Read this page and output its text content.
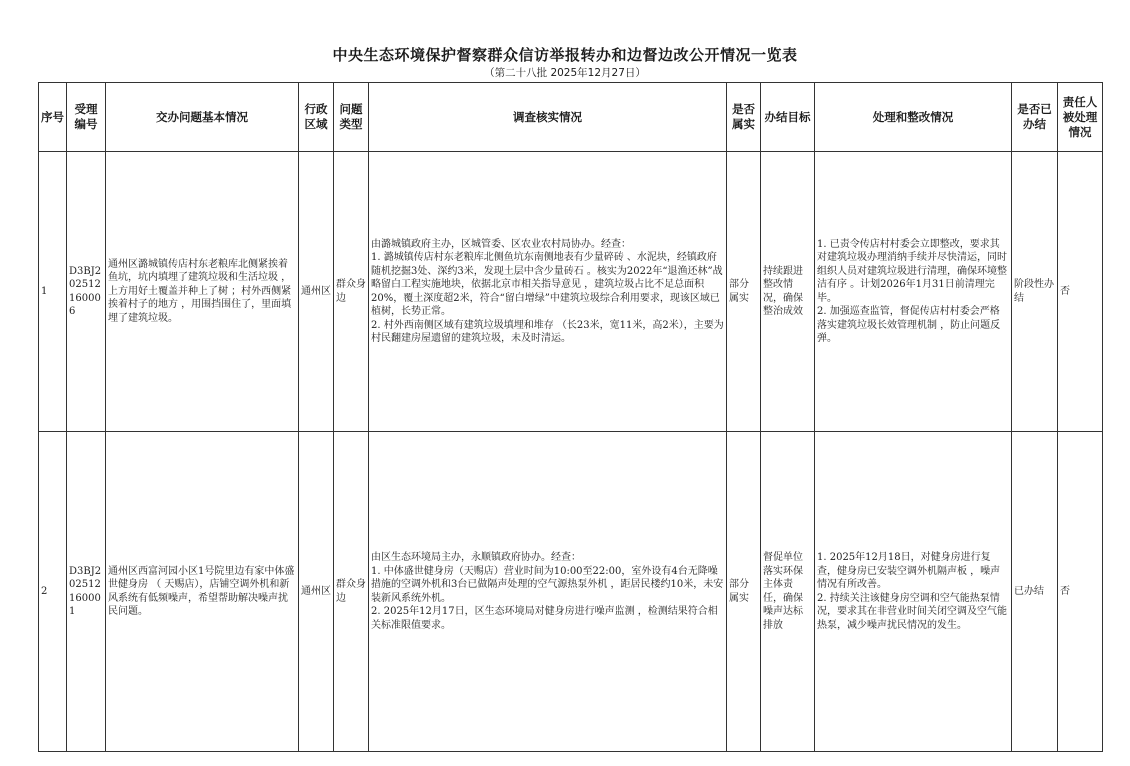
中央生态环境保护督察群众信访举报转办和边督边改公开情况一览表
（第二十八批 2025年12月27日）
序号	受理编号	交办问题基本情况	行政区域	问题类型	调查核实情况	是否属实	办结目标	处理和整改情况	是否已办结	责任人被处理情况
1	D3BJ202512160006	通州区潞城镇传店村东老粮库北侧紧挨着鱼坑，坑内填埋了建筑垃圾和生活垃圾 ，上方用好土覆盖并种上了树 ；村外西侧紧挨着村子的地方 ，用围挡围住了，里面填埋了建筑垃圾。	通州区	群众身边	由潞城镇政府主办，区城管委、区农业农村局协办。经查：
1. 潞城镇传店村东老粮库北侧鱼坑东南侧地表有少量碎砖 、水泥块，经镇政府随机挖掘3处、深约3米，发现土层中含少量砖石 。核实为2022年“退渔还林”战略留白工程实施地块，依据北京市相关指导意见 ，建筑垃圾占比不足总面积20%，覆土深度超2米，符合“留白增绿”中建筑垃圾综合利用要求，现该区域已植树，长势正常。
2. 村外西南侧区域有建筑垃圾填埋和堆存 （长23米，宽11米，高2米），主要为村民翻建房屋遗留的建筑垃圾，未及时清运。	部分属实	持续跟进整改情况，确保整治成效	1. 已责令传店村村委会立即整改，要求其对建筑垃圾办理消纳手续并尽快清运，同时组织人员对建筑垃圾进行清理，确保环境整洁有序 。计划2026年1月31日前清理完毕。
2. 加强巡查监管，督促传店村村委会严格落实建筑垃圾长效管理机制 ，防止问题反弹。	阶段性办结	否
2	D3BJ202512160001	通州区西富河园小区1号院里边有家中体盛世健身房 （ 天赐店），店铺空调外机和新风系统有低频噪声，希望帮助解决噪声扰民问题。	通州区	群众身边	由区生态环境局主办，永顺镇政府协办。经查：
1. 中体盛世健身房（天赐店）营业时间为10:00至22:00，室外设有4台无降噪措施的空调外机和3台已做隔声处理的空气源热泵外机 ，距居民楼约10米，未安装新风系统外机。
2. 2025年12月17日，区生态环境局对健身房进行噪声监测 ，检测结果符合相关标准限值要求。	部分属实	督促单位落实环保主体责任，确保噪声达标排放	1. 2025年12月18日，对健身房进行复查，健身房已安装空调外机隔声板 ，噪声情况有所改善。
2. 持续关注该健身房空调和空气能热泵情况，要求其在非营业时间关闭空调及空气能热泵，减少噪声扰民情况的发生。	已办结	否
